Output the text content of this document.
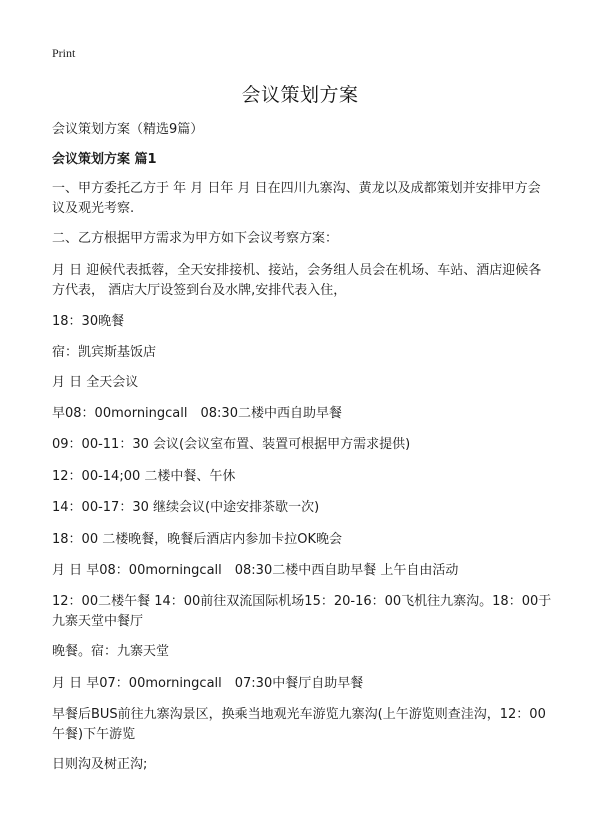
Print
会议策划方案
会议策划方案（精选9篇）
会议策划方案 篇1
一、甲方委托乙方于 年 月 日年 月 日在四川九寨沟、黄龙以及成都策划并安排甲方会议及观光考察.
二、乙方根据甲方需求为甲方如下会议考察方案：
月 日 迎候代表抵蓉，全天安排接机、接站，会务组人员会在机场、车站、酒店迎候各方代表， 酒店大厅设签到台及水牌,安排代表入住，
18：30晚餐
宿：凯宾斯基饭店
月 日 全天会议
早08：00morningcall　08:30二楼中西自助早餐
09：00-11：30 会议(会议室布置、装置可根据甲方需求提供)
12：00-14;00 二楼中餐、午休
14：00-17：30 继续会议(中途安排茶歇一次)
18：00 二楼晚餐，晚餐后酒店内参加卡拉OK晚会
月 日 早08：00morningcall　08:30二楼中西自助早餐 上午自由活动
12：00二楼午餐 14：00前往双流国际机场15：20-16：00飞机往九寨沟。18：00于九寨天堂中餐厅
晚餐。宿：九寨天堂
月 日 早07：00morningcall　07:30中餐厅自助早餐
早餐后BUS前往九寨沟景区，换乘当地观光车游览九寨沟(上午游览则查洼沟，12：00午餐)下午游览
日则沟及树正沟;
